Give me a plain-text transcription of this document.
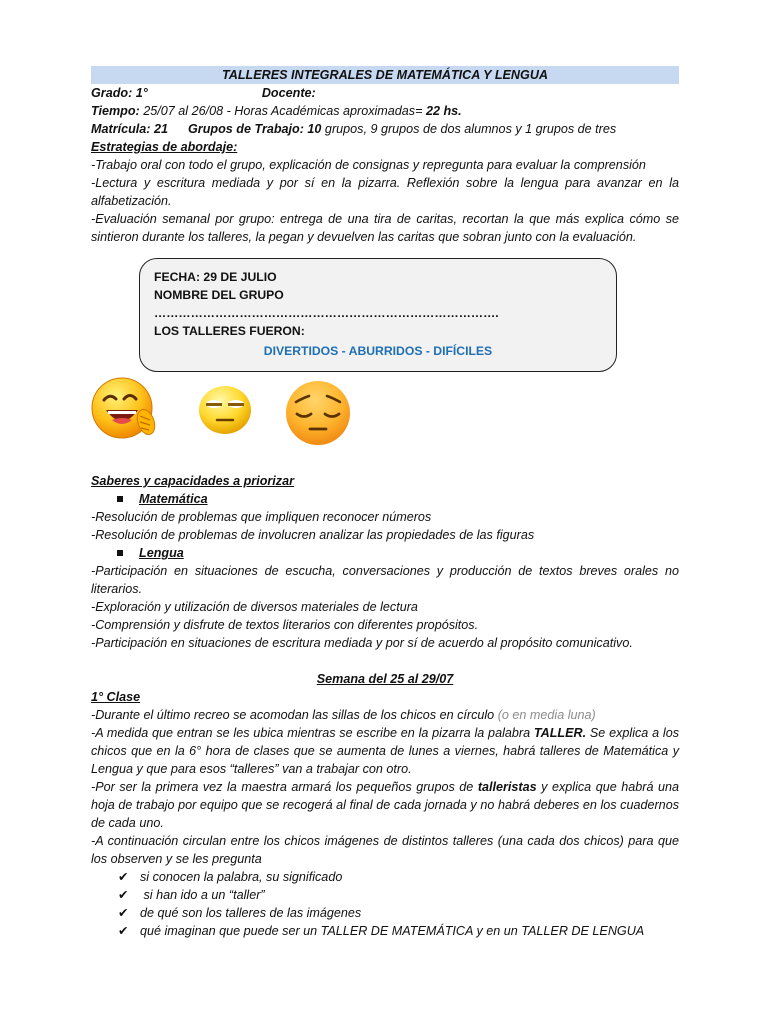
TALLERES INTEGRALES DE MATEMÁTICA Y LENGUA
Grado: 1°	Docente:
Tiempo: 25/07 al 26/08 - Horas Académicas aproximadas= 22 hs.
Matrícula: 21 Grupos de Trabajo: 10 grupos, 9 grupos de dos alumnos y 1 grupos de tres
Estrategias de abordaje:
-Trabajo oral con todo el grupo, explicación de consignas y repregunta para evaluar la comprensión
-Lectura y escritura mediada y por sí en la pizarra. Reflexión sobre la lengua para avanzar en la alfabetización.
-Evaluación semanal por grupo: entrega de una tira de caritas, recortan la que más explica cómo se sintieron durante los talleres, la pegan y devuelven las caritas que sobran junto con la evaluación.
FECHA: 29 DE JULIO
NOMBRE DEL GRUPO ………………………………………………………………………….
LOS TALLERES FUERON:
DIVERTIDOS - ABURRIDOS - DIFÍCILES
Saberes y capacidades a priorizar
Matemática
-Resolución de problemas que impliquen reconocer números
-Resolución de problemas de involucren analizar las propiedades de las figuras
Lengua
-Participación en situaciones de escucha, conversaciones y producción de textos breves orales no literarios.
-Exploración y utilización de diversos materiales de lectura
-Comprensión y disfrute de textos literarios con diferentes propósitos.
-Participación en situaciones de escritura mediada y por sí de acuerdo al propósito comunicativo.
Semana del 25 al 29/07
1° Clase
-Durante el último recreo se acomodan las sillas de los chicos en círculo (o en media luna)
-A medida que entran se les ubica mientras se escribe en la pizarra la palabra TALLER. Se explica a los chicos que en la 6° hora de clases que se aumenta de lunes a viernes, habrá talleres de Matemática y Lengua y que para esos “talleres” van a trabajar con otro.
-Por ser la primera vez la maestra armará los pequeños grupos de talleristas y explica que habrá una hoja de trabajo por equipo que se recogerá al final de cada jornada y no habrá deberes en los cuadernos de cada uno.
-A continuación circulan entre los chicos imágenes de distintos talleres (una cada dos chicos) para que los observen y se les pregunta
✔ si conocen la palabra, su significado
✔ si han ido a un “taller”
✔ de qué son los talleres de las imágenes
✔ qué imaginan que puede ser un TALLER DE MATEMÁTICA y en un TALLER DE LENGUA
